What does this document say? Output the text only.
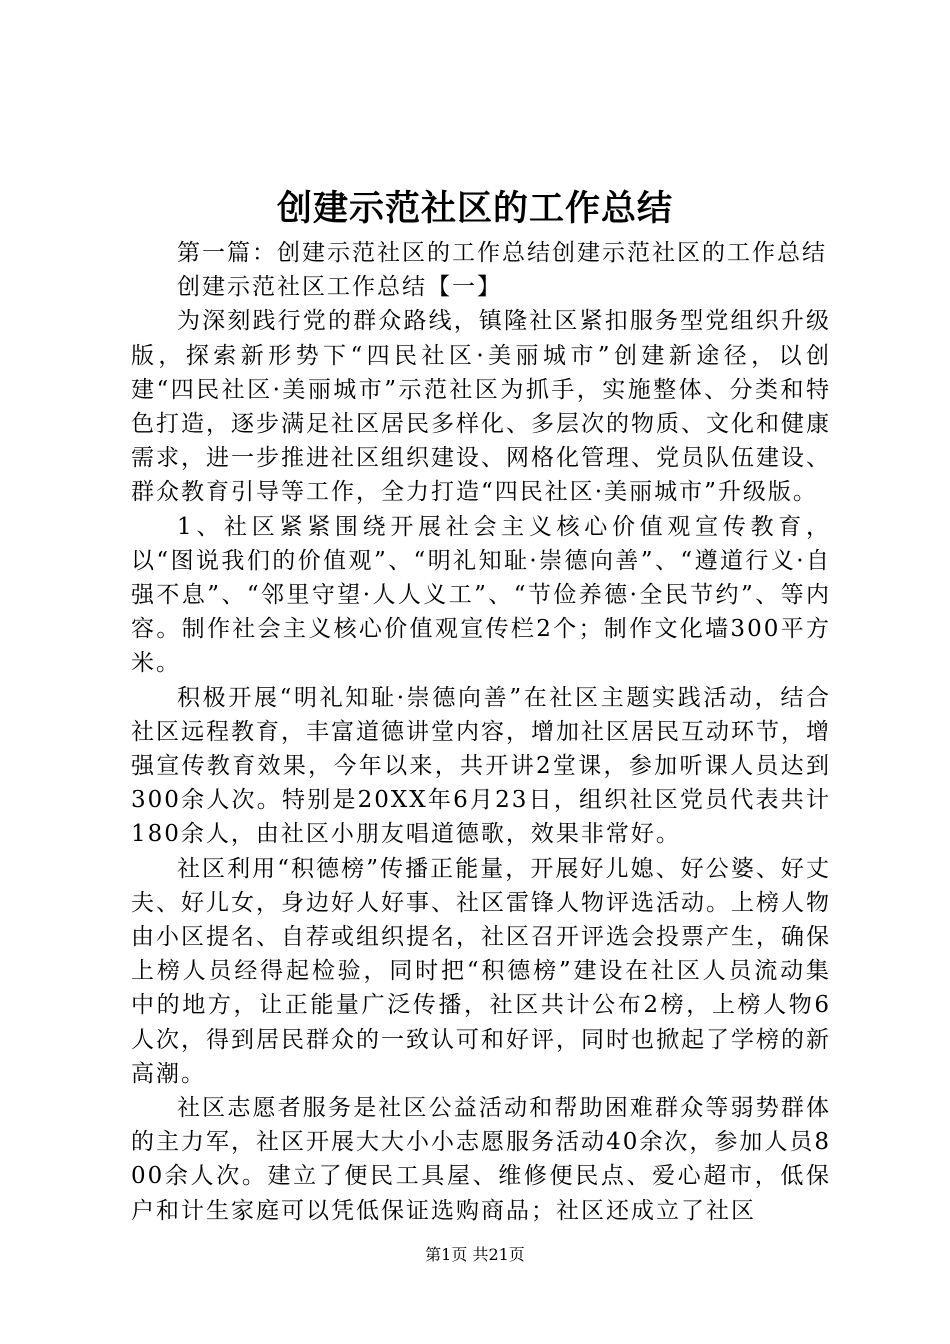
创建示范社区的工作总结

第一篇：创建示范社区的工作总结创建示范社区的工作总结

创建示范社区工作总结【一】

为深刻践行党的群众路线，镇隆社区紧扣服务型党组织升级版，探索新形势下“四民社区·美丽城市”创建新途径，以创建“四民社区·美丽城市”示范社区为抓手，实施整体、分类和特色打造，逐步满足社区居民多样化、多层次的物质、文化和健康需求，进一步推进社区组织建设、网格化管理、党员队伍建设、群众教育引导等工作，全力打造“四民社区·美丽城市”升级版。

1、社区紧紧围绕开展社会主义核心价值观宣传教育，以“图说我们的价值观”、“明礼知耻·崇德向善”、“遵道行义·自强不息”、“邻里守望·人人义工”、“节俭养德·全民节约”、等内容。制作社会主义核心价值观宣传栏2个；制作文化墙300平方米。

积极开展“明礼知耻·崇德向善”在社区主题实践活动，结合社区远程教育，丰富道德讲堂内容，增加社区居民互动环节，增强宣传教育效果，今年以来，共开讲2堂课，参加听课人员达到300余人次。特别是20XX年6月23日，组织社区党员代表共计180余人，由社区小朋友唱道德歌，效果非常好。

社区利用“积德榜”传播正能量，开展好儿媳、好公婆、好丈夫、好儿女，身边好人好事、社区雷锋人物评选活动。上榜人物由小区提名、自荐或组织提名，社区召开评选会投票产生，确保上榜人员经得起检验，同时把“积德榜”建设在社区人员流动集中的地方，让正能量广泛传播，社区共计公布2榜，上榜人物6人次，得到居民群众的一致认可和好评，同时也掀起了学榜的新高潮。

社区志愿者服务是社区公益活动和帮助困难群众等弱势群体的主力军，社区开展大大小小志愿服务活动40余次，参加人员800余人次。建立了便民工具屋、维修便民点、爱心超市，低保户和计生家庭可以凭低保证选购商品；社区还成立了社区

第1页 共21页
